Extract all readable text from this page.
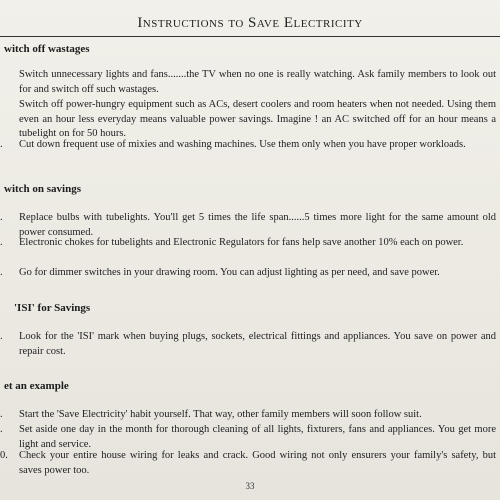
Instructions to Save Electricity
witch off wastages
Switch unnecessary lights and fans.......the TV when no one is really watching. Ask family members to look out for and switch off such wastages.
Switch off power-hungry equipment such as ACs, desert coolers and room heaters when not needed. Using them even an hour less everyday means valuable power savings. Imagine ! an AC switched off for an hour means a tubelight on for 50 hours.
.	Cut down frequent use of mixies and washing machines. Use them only when you have proper workloads.
witch on savings
.	Replace bulbs with tubelights. You'll get 5 times the life span......5 times more light for the same amount old power consumed.
.	Electronic chokes for tubelights and Electronic Regulators for fans help save another 10% each on power.
.	Go for dimmer switches in your drawing room. You can adjust lighting as per need, and save power.
'ISI' for Savings
.	Look for the 'ISI' mark when buying plugs, sockets, electrical fittings and appliances. You save on power and repair cost.
et an example
.	Start the 'Save Electricity' habit yourself. That way, other family members will soon follow suit.
.	Set aside one day in the month for thorough cleaning of all lights, fixturers, fans and appliances. You get more light and service.
0. Check your entire house wiring for leaks and crack. Good wiring not only ensurers your family's safety, but saves power too.
33
